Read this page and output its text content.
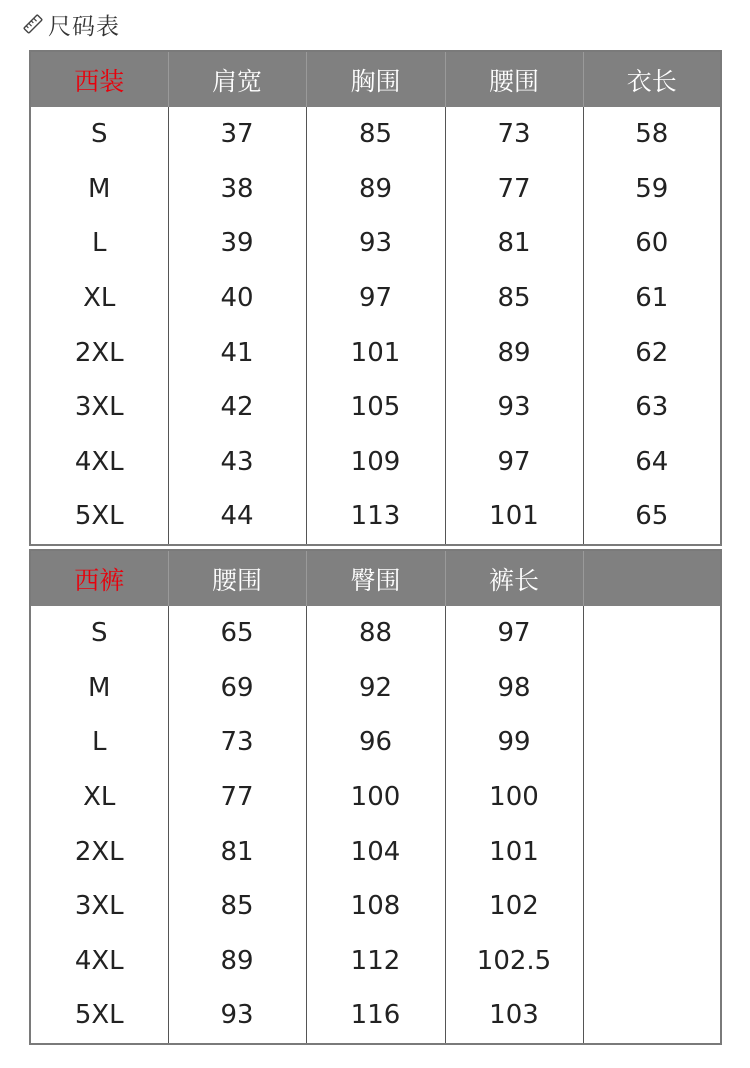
尺码表
西装	肩宽	胸围	腰围	衣长
S	37	85	73	58
M	38	89	77	59
L	39	93	81	60
XL	40	97	85	61
2XL	41	101	89	62
3XL	42	105	93	63
4XL	43	109	97	64
5XL	44	113	101	65
西裤	腰围	臀围	裤长	
S	65	88	97	
M	69	92	98	
L	73	96	99	
XL	77	100	100	
2XL	81	104	101	
3XL	85	108	102	
4XL	89	112	102.5	
5XL	93	116	103	
